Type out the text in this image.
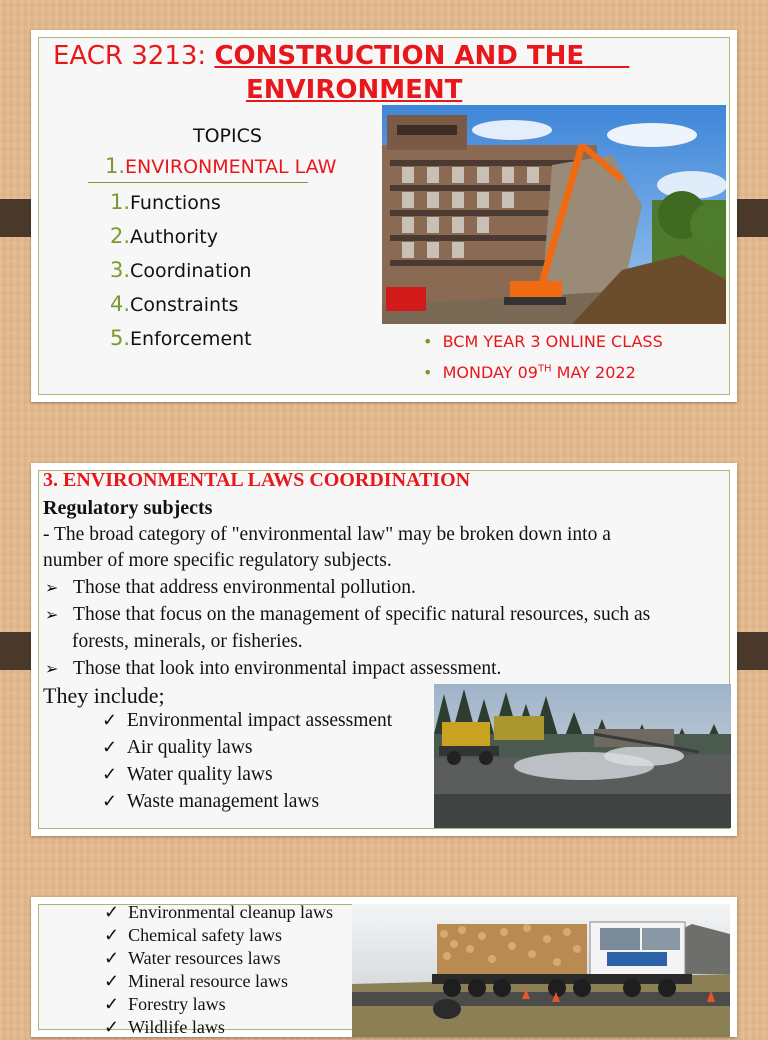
EACR 3213: CONSTRUCTION AND THE
ENVIRONMENT
TOPICS
1.ENVIRONMENTAL LAW
1.Functions
2.Authority
3.Coordination
4.Constraints
5.Enforcement	• BCM YEAR 3 ONLINE CLASS
• MONDAY 09TH MAY 2022
3. ENVIRONMENTAL LAWS COORDINATION
Regulatory subjects
- The broad category of "environmental law" may be broken down into a
number of more specific regulatory subjects.
➢ Those that address environmental pollution.
➢ Those that focus on the management of specific natural resources, such as
forests, minerals, or fisheries.
➢ Those that look into environmental impact assessment.
They include;
✓ Environmental impact assessment
✓ Air quality laws
✓ Water quality laws
✓ Waste management laws
✓ Environmental cleanup laws
✓ Chemical safety laws
✓ Water resources laws
✓ Mineral resource laws
✓ Forestry laws
✓ Wildlife laws
